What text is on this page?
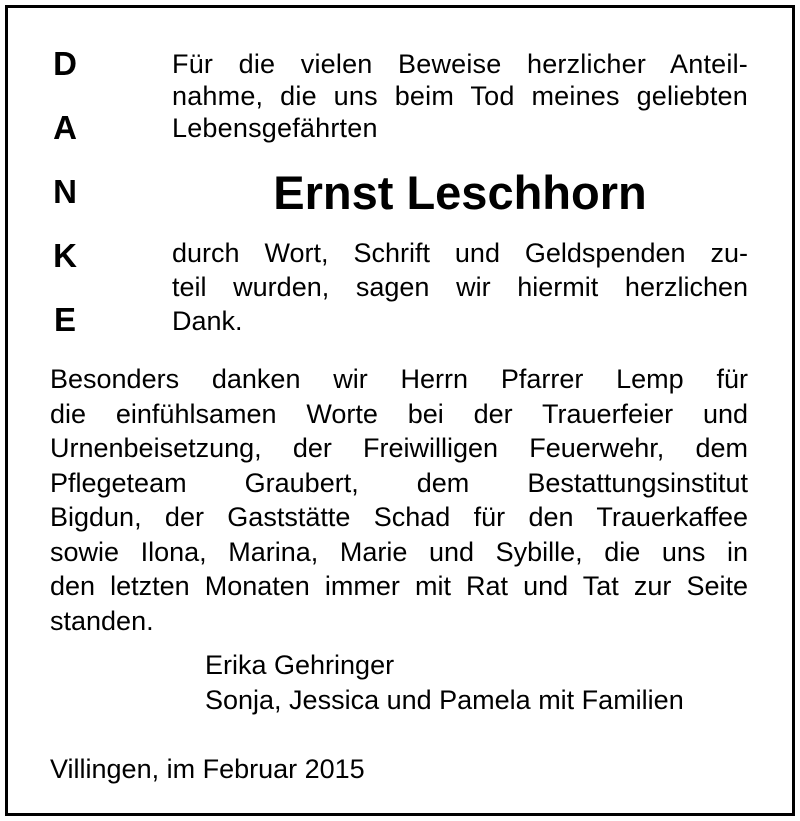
D
A
N
K
E
Für die vielen Beweise herzlicher Anteil-
nahme, die uns beim Tod meines geliebten
Lebensgefährten
Ernst Leschhorn
durch Wort, Schrift und Geldspenden zu-
teil wurden, sagen wir hiermit herzlichen
Dank.
Besonders danken wir Herrn Pfarrer Lemp für
die einfühlsamen Worte bei der Trauerfeier und
Urnenbeisetzung, der Freiwilligen Feuerwehr, dem
Pflegeteam Graubert, dem Bestattungsinstitut
Bigdun, der Gaststätte Schad für den Trauerkaffee
sowie Ilona, Marina, Marie und Sybille, die uns in
den letzten Monaten immer mit Rat und Tat zur Seite
standen.
Erika Gehringer
Sonja, Jessica und Pamela mit Familien
Villingen, im Februar 2015
